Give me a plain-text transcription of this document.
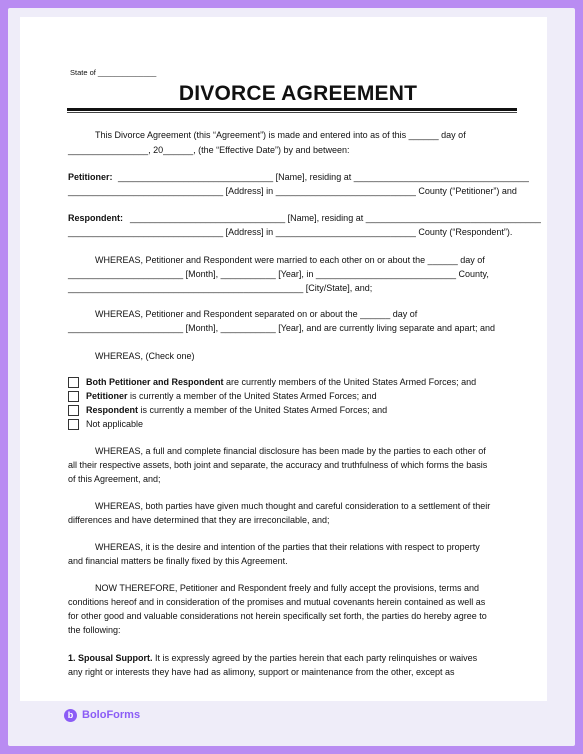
State of ______________
DIVORCE AGREEMENT
This Divorce Agreement (this “Agreement”) is made and entered into as of this ______ day of
________________, 20______, (the “Effective Date”) by and between:
Petitioner: _______________________________ [Name], residing at ___________________________________
_______________________________ [Address] in ____________________________ County (“Petitioner”) and
Respondent: _______________________________ [Name], residing at ___________________________________
_______________________________ [Address] in ____________________________ County (“Respondent”).
WHEREAS, Petitioner and Respondent were married to each other on or about the ______ day of
_______________________ [Month], ___________ [Year], in ____________________________ County,
_______________________________________________ [City/State], and;
WHEREAS, Petitioner and Respondent separated on or about the ______ day of
_______________________ [Month], ___________ [Year], and are currently living separate and apart; and
WHEREAS, (Check one)
Both Petitioner and Respondent are currently members of the United States Armed Forces; and
Petitioner is currently a member of the United States Armed Forces; and
Respondent is currently a member of the United States Armed Forces; and
Not applicable
WHEREAS, a full and complete financial disclosure has been made by the parties to each other of
all their respective assets, both joint and separate, the accuracy and truthfulness of which forms the basis
of this Agreement, and;
WHEREAS, both parties have given much thought and careful consideration to a settlement of their
differences and have determined that they are irreconcilable, and;
WHEREAS, it is the desire and intention of the parties that their relations with respect to property
and financial matters be finally fixed by this Agreement.
NOW THEREFORE, Petitioner and Respondent freely and fully accept the provisions, terms and
conditions hereof and in consideration of the promises and mutual covenants herein contained as well as
for other good and valuable considerations not herein specifically set forth, the parties do hereby agree to
the following:
1. Spousal Support. It is expressly agreed by the parties herein that each party relinquishes or waives
any right or interests they have had as alimony, support or maintenance from the other, except as
b BoloForms
